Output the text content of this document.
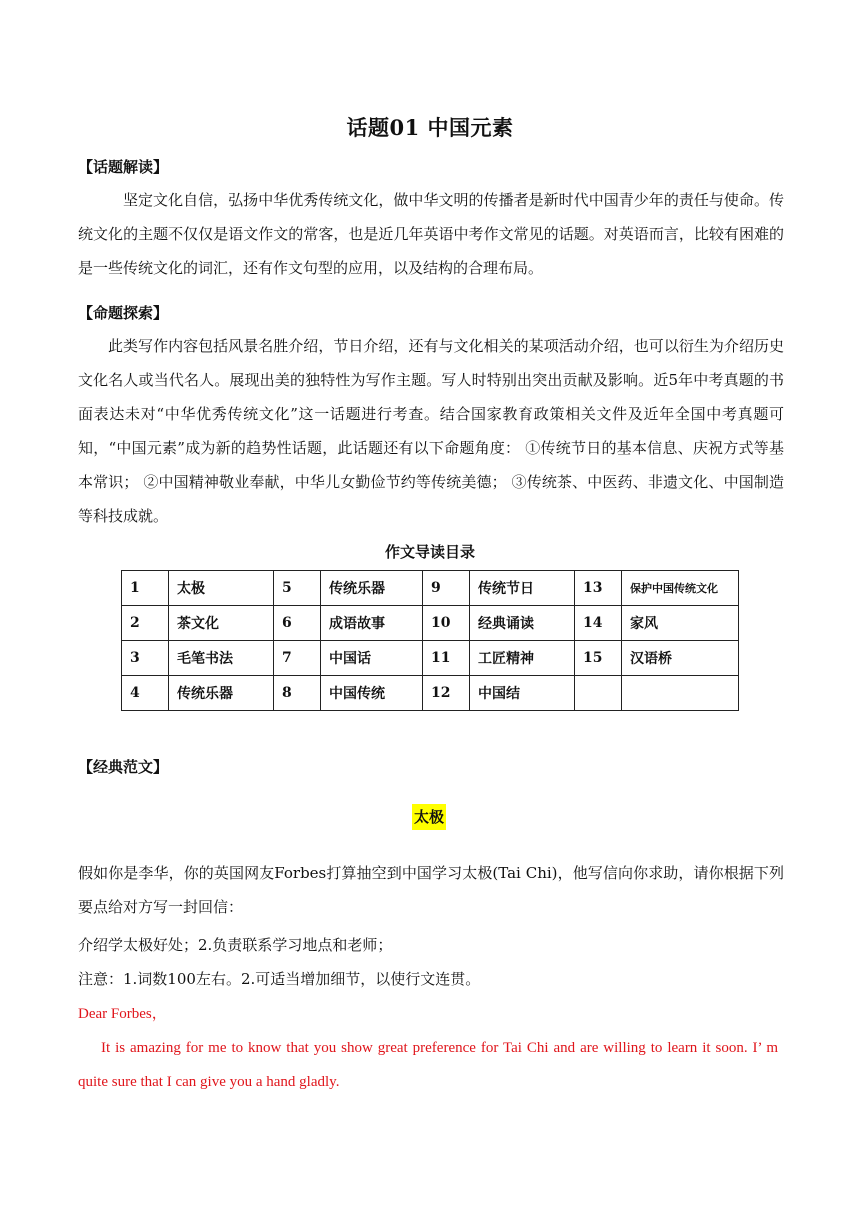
话题01 中国元素
【话题解读】

坚定文化自信，弘扬中华优秀传统文化，做中华文明的传播者是新时代中国青少年的责任与使命。传统文化的主题不仅仅是语文作文的常客，也是近几年英语中考作文常见的话题。对英语而言，比较有困难的是一些传统文化的词汇，还有作文句型的应用，以及结构的合理布局。

【命题探索】

此类写作内容包括风景名胜介绍，节日介绍，还有与文化相关的某项活动介绍，也可以衍生为介绍历史文化名人或当代名人。展现出美的独特性为写作主题。写人时特别出突出贡献及影响。近5年中考真题的书面表达未对“中华优秀传统文化”这一话题进行考查。结合国家教育政策相关文件及近年全国中考真题可知，“中国元素”成为新的趋势性话题，此话题还有以下命题角度： ①传统节日的基本信息、庆祝方式等基本常识； ②中国精神敬业奉献，中华儿女勤俭节约等传统美德； ③传统茶、中医药、非遗文化、中国制造等科技成就。

作文导读目录
1	太极	5	传统乐器	9	传统节日	13	保护中国传统文化
2	茶文化	6	成语故事	10	经典诵读	14	家风
3	毛笔书法	7	中国话	11	工匠精神	15	汉语桥
4	传统乐器	8	中国传统	12	中国结		
【经典范文】
太极

假如你是李华，你的英国网友Forbes打算抽空到中国学习太极(Tai Chi)，他写信向你求助，请你根据下列要点给对方写一封回信：

介绍学太极好处；2.负责联系学习地点和老师；
注意：1.词数100左右。2.可适当增加细节，以使行文连贯。
Dear Forbes，

It is amazing for me to know that you show great preference for Tai Chi and are willing to learn it soon. I’ m quite sure that I can give you a hand gladly.
